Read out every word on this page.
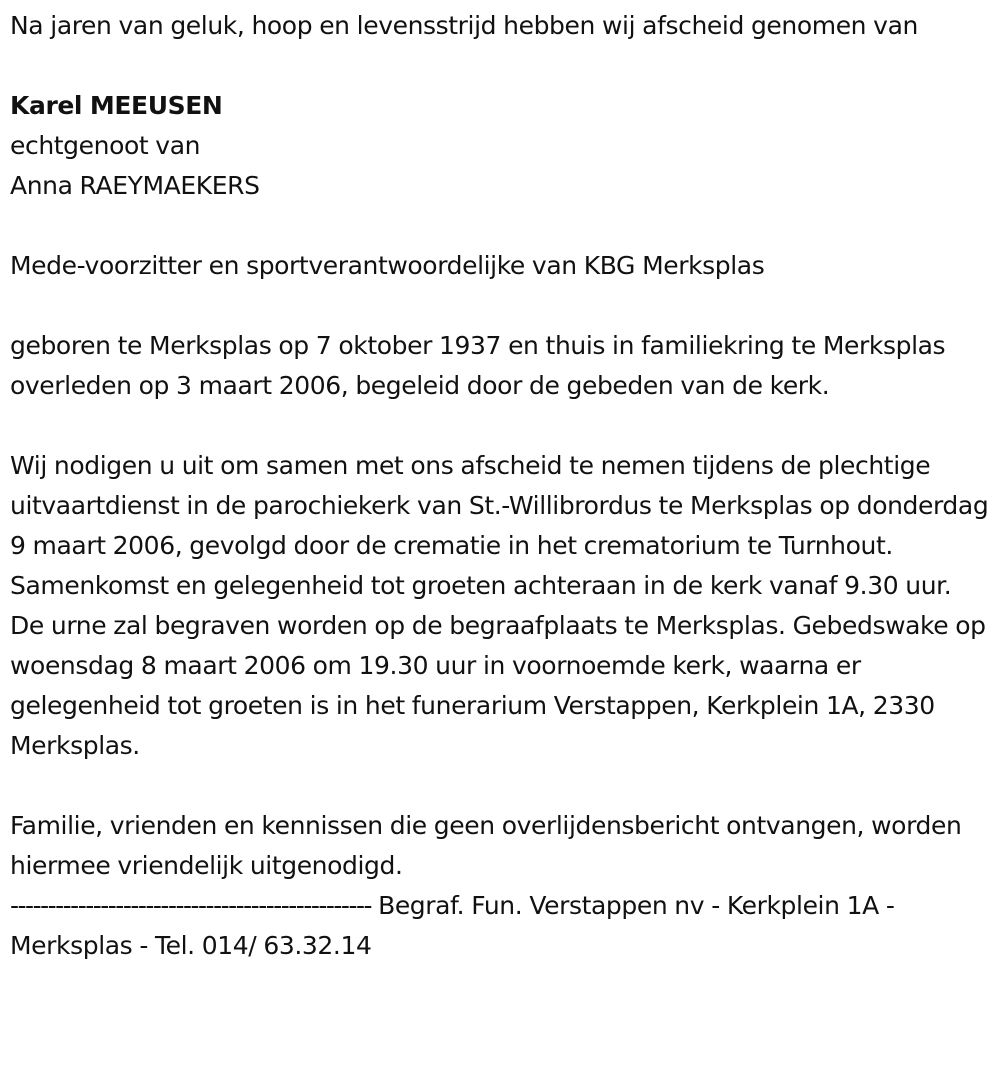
Na jaren van geluk, hoop en levensstrijd hebben wij afscheid genomen van

Karel MEEUSEN

echtgenoot van

Anna RAEYMAEKERS

Mede-voorzitter en sportverantwoordelijke van KBG Merksplas

geboren te Merksplas op 7 oktober 1937 en thuis in familiekring te Merksplas overleden op 3 maart 2006, begeleid door de gebeden van de kerk.

Wij nodigen u uit om samen met ons afscheid te nemen tijdens de plechtige uitvaartdienst in de parochiekerk van St.-Willibrordus te Merksplas op donderdag 9 maart 2006, gevolgd door de crematie in het crematorium te Turnhout. Samenkomst en gelegenheid tot groeten achteraan in de kerk vanaf 9.30 uur. De urne zal begraven worden op de begraafplaats te Merksplas. Gebedswake op woensdag 8 maart 2006 om 19.30 uur in voornoemde kerk, waarna er gelegenheid tot groeten is in het funerarium Verstappen, Kerkplein 1A, 2330 Merksplas.

Familie, vrienden en kennissen die geen overlijdensbericht ontvangen, worden hiermee vriendelijk uitgenodigd.

------------------------------------------------ Begraf. Fun. Verstappen nv - Kerkplein 1A - Merksplas - Tel. 014/ 63.32.14
